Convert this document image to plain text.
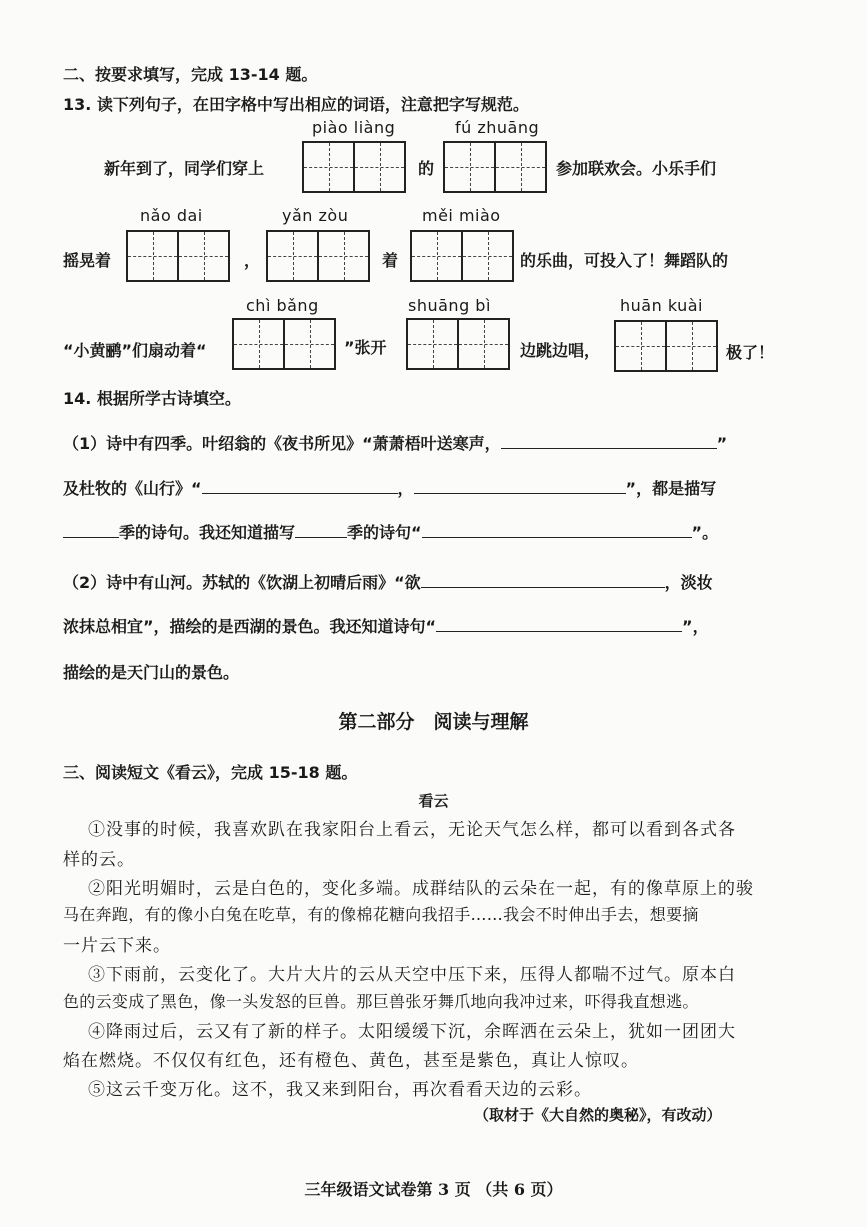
二、按要求填写，完成 13-14 题。
13. 读下列句子，在田字格中写出相应的词语，注意把字写规范。
piào liàng	fú zhuāng
新年到了，同学们穿上	的	参加联欢会。小乐手们
nǎo dai	yǎn zòu	měi miào
摇晃着	，	着	的乐曲，可投入了！舞蹈队的
chì bǎng	shuāng bì	huān kuài
“小黄鹂”们扇动着“	”张开	边跳边唱，	极了！
14. 根据所学古诗填空。
（1）诗中有四季。叶绍翁的《夜书所见》“萧萧梧叶送寒声，	”
及杜牧的《山行》“	，	”，都是描写
季的诗句。我还知道描写	季的诗句“	”。
（2）诗中有山河。苏轼的《饮湖上初晴后雨》“欲	，淡妆
浓抹总相宜”，描绘的是西湖的景色。我还知道诗句“	”，
描绘的是天门山的景色。
第二部分　阅读与理解
三、阅读短文《看云》，完成 15-18 题。
看云
①没事的时候，我喜欢趴在我家阳台上看云，无论天气怎么样，都可以看到各式各
样的云。
②阳光明媚时，云是白色的，变化多端。成群结队的云朵在一起，有的像草原上的骏
马在奔跑，有的像小白兔在吃草，有的像棉花糖向我招手……我会不时伸出手去，想要摘
一片云下来。
③下雨前，云变化了。大片大片的云从天空中压下来，压得人都喘不过气。原本白
色的云变成了黑色，像一头发怒的巨兽。那巨兽张牙舞爪地向我冲过来，吓得我直想逃。
④降雨过后，云又有了新的样子。太阳缓缓下沉，余晖洒在云朵上，犹如一团团大
焰在燃烧。不仅仅有红色，还有橙色、黄色，甚至是紫色，真让人惊叹。
⑤这云千变万化。这不，我又来到阳台，再次看看天边的云彩。
（取材于《大自然的奥秘》，有改动）
三年级语文试卷第 3 页 （共 6 页）
